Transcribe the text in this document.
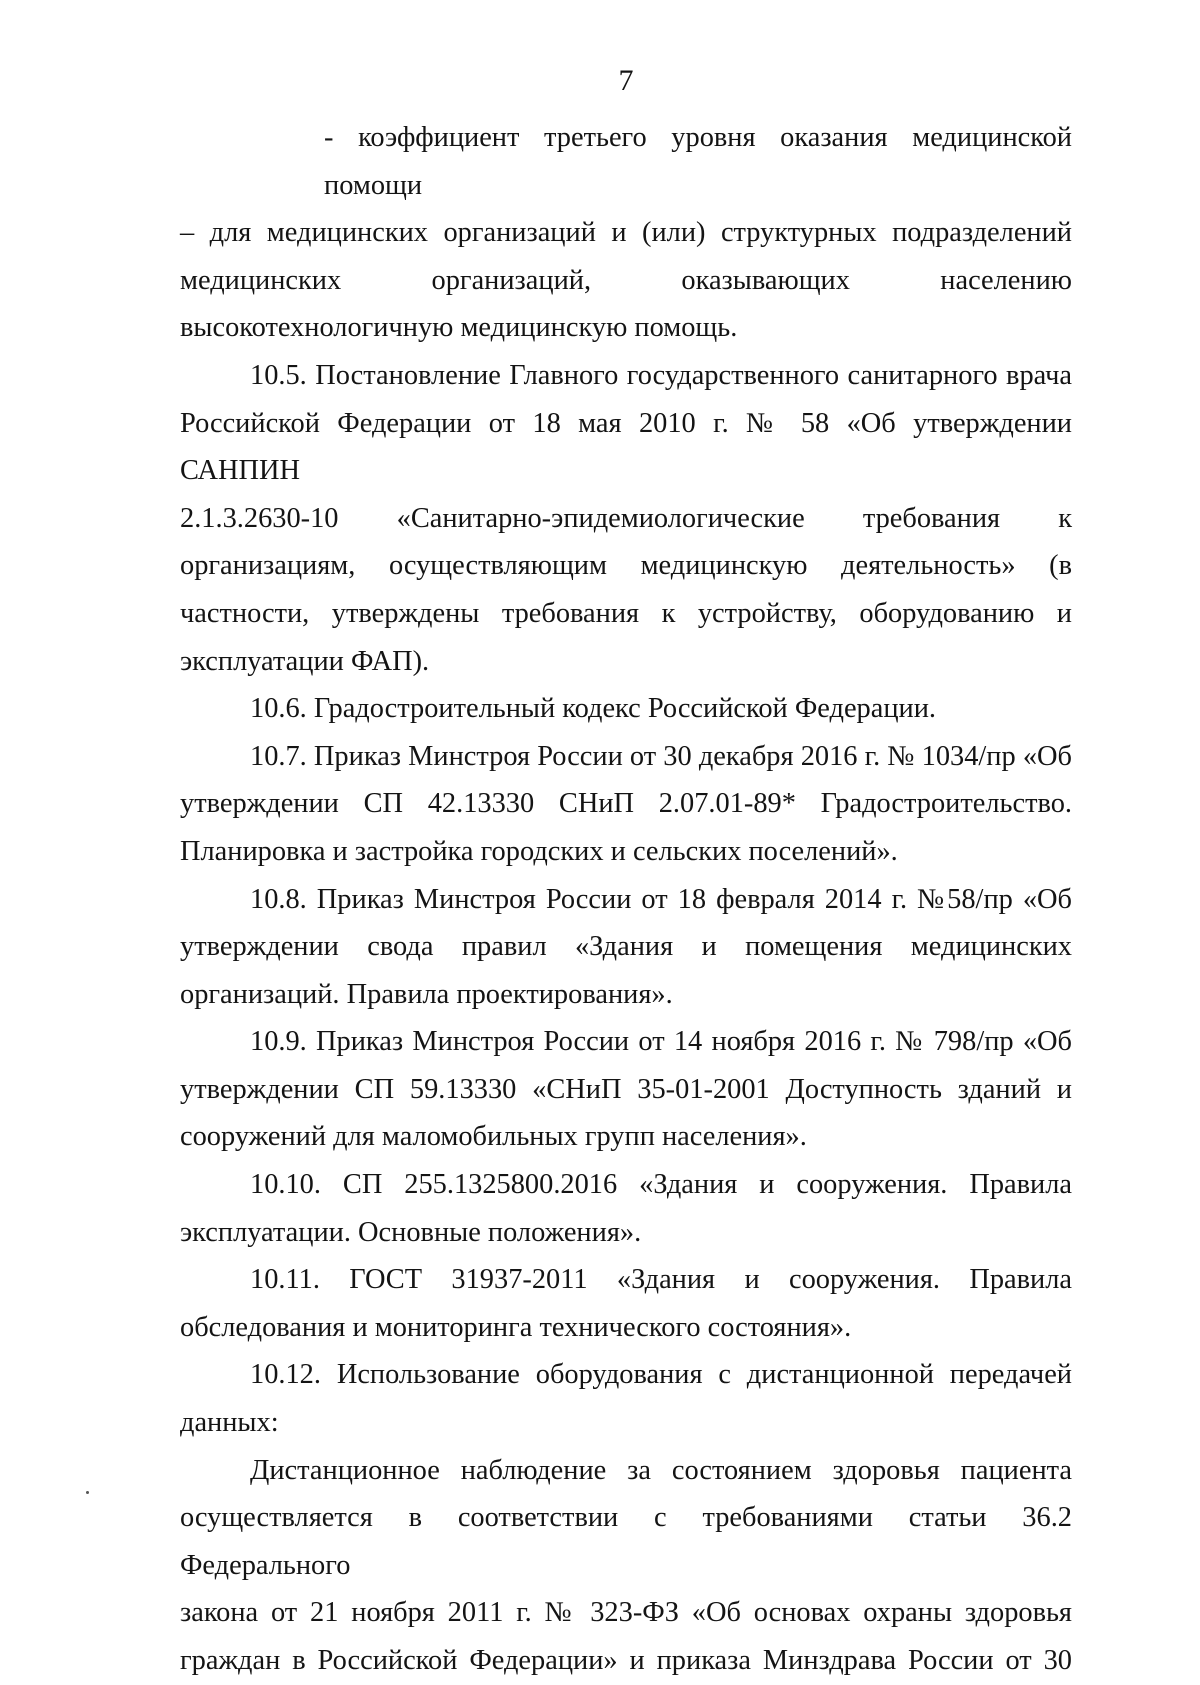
7
- коэффициент третьего уровня оказания медицинской помощи
– для медицинских организаций и (или) структурных подразделений
медицинских организаций, оказывающих населению
высокотехнологичную медицинскую помощь.
10.5. Постановление Главного государственного санитарного врача
Российской Федерации от 18 мая 2010 г. № 58 «Об утверждении САНПИН
2.1.3.2630-10 «Санитарно-эпидемиологические требования к
организациям, осуществляющим медицинскую деятельность» (в
частности, утверждены требования к устройству, оборудованию и
эксплуатации ФАП).
10.6. Градостроительный кодекс Российской Федерации.
10.7. Приказ Минстроя России от 30 декабря 2016 г. № 1034/пр «Об
утверждении СП 42.13330 СНиП 2.07.01-89* Градостроительство.
Планировка и застройка городских и сельских поселений».
10.8. Приказ Минстроя России от 18 февраля 2014 г. №58/пр «Об
утверждении свода правил «Здания и помещения медицинских
организаций. Правила проектирования».
10.9. Приказ Минстроя России от 14 ноября 2016 г. № 798/пр «Об
утверждении СП 59.13330 «СНиП 35-01-2001 Доступность зданий и
сооружений для маломобильных групп населения».
10.10. СП 255.1325800.2016 «Здания и сооружения. Правила
эксплуатации. Основные положения».
10.11. ГОСТ 31937-2011 «Здания и сооружения. Правила
обследования и мониторинга технического состояния».
10.12. Использование оборудования с дистанционной передачей
данных:
Дистанционное наблюдение за состоянием здоровья пациента
осуществляется в соответствии с требованиями статьи 36.2 Федерального
закона от 21 ноября 2011 г. № 323-ФЗ «Об основах охраны здоровья
граждан в Российской Федерации» и приказа Минздрава России от 30
